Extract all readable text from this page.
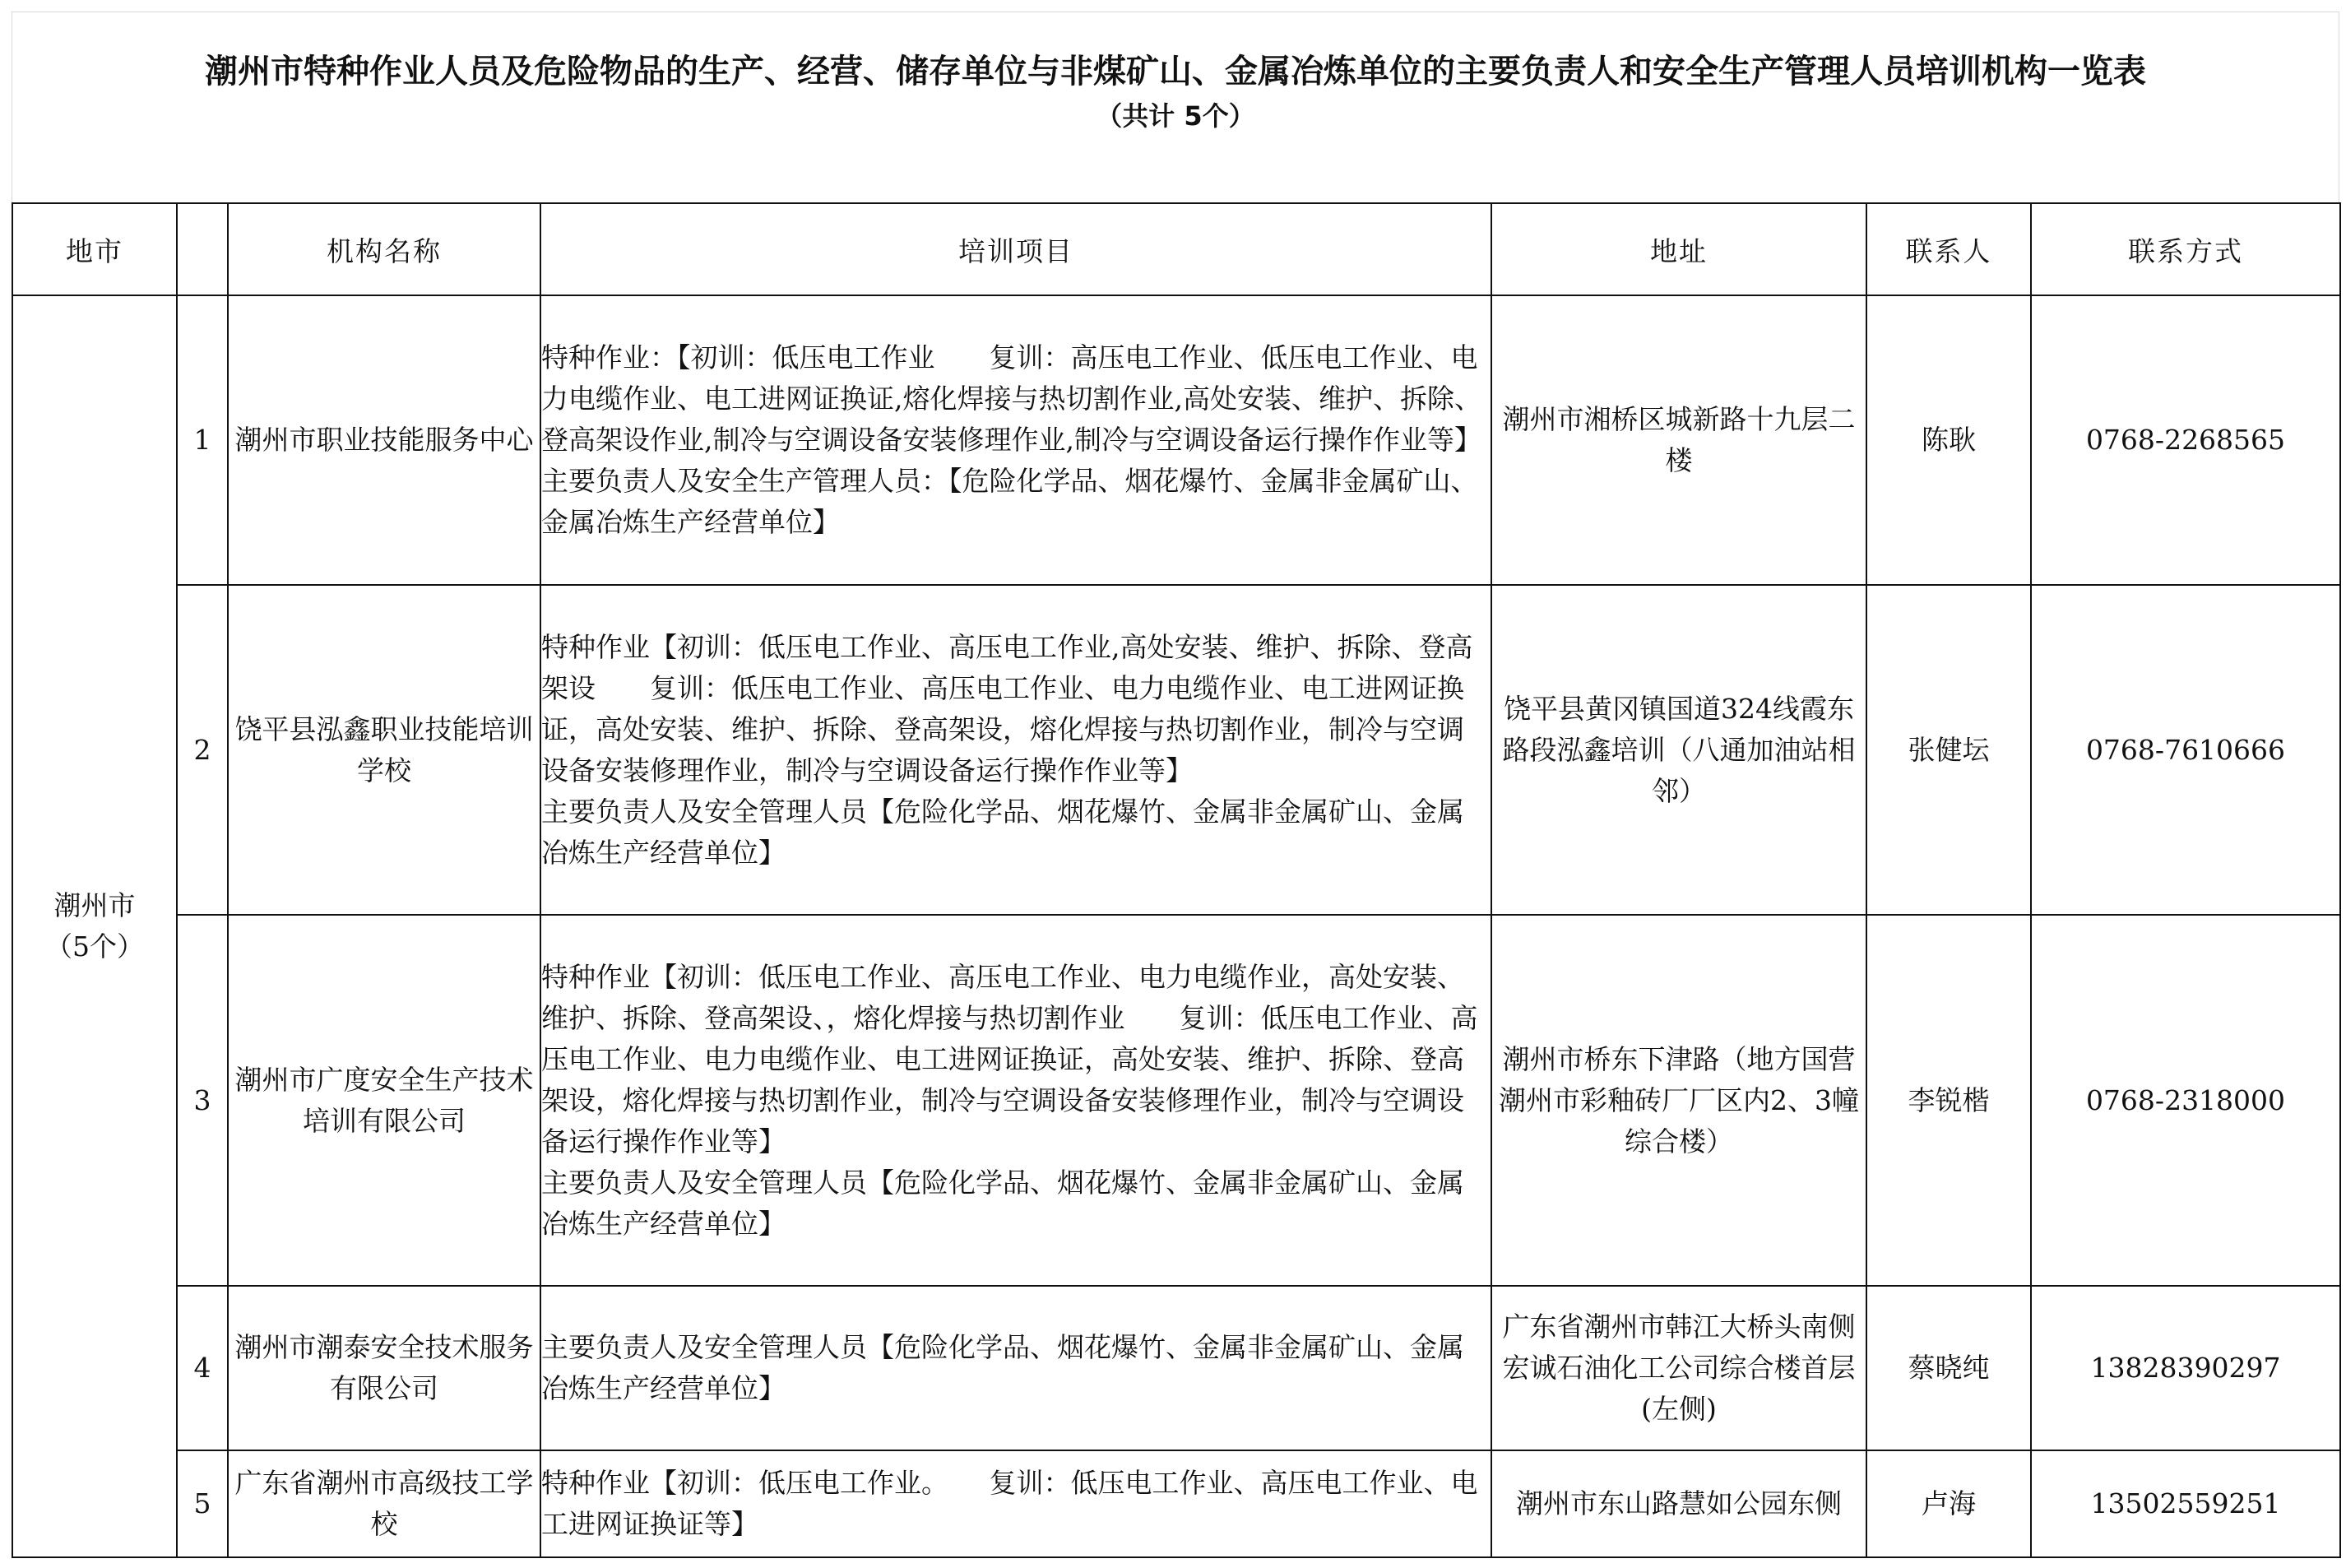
潮州市特种作业人员及危险物品的生产、经营、储存单位与非煤矿山、金属冶炼单位的主要负责人和安全生产管理人员培训机构一览表
（共计 5个）
地市		机构名称	培训项目	地址	联系人	联系方式

潮州市
（5个）	1	潮州市职业技能服务中心	特种作业：【初训：低压电工作业　　复训：高压电工作业、低压电工作业、电力电缆作业、电工进网证换证,熔化焊接与热切割作业,高处安装、维护、拆除、登高架设作业,制冷与空调设备安装修理作业,制冷与空调设备运行操作作业等】
主要负责人及安全生产管理人员：【危险化学品、烟花爆竹、金属非金属矿山、金属冶炼生产经营单位】	潮州市湘桥区城新路十九层二楼	陈耿	0768-2268565
	2	饶平县泓鑫职业技能培训学校	特种作业【初训：低压电工作业、高压电工作业,高处安装、维护、拆除、登高架设　　复训：低压电工作业、高压电工作业、电力电缆作业、电工进网证换证，高处安装、维护、拆除、登高架设，熔化焊接与热切割作业，制冷与空调设备安装修理作业，制冷与空调设备运行操作作业等】
主要负责人及安全管理人员【危险化学品、烟花爆竹、金属非金属矿山、金属冶炼生产经营单位】	饶平县黄冈镇国道324线霞东路段泓鑫培训（八通加油站相邻）	张健坛	0768-7610666
	3	潮州市广度安全生产技术培训有限公司	特种作业【初训：低压电工作业、高压电工作业、电力电缆作业，高处安装、维护、拆除、登高架设、，熔化焊接与热切割作业　　复训：低压电工作业、高压电工作业、电力电缆作业、电工进网证换证，高处安装、维护、拆除、登高架设，熔化焊接与热切割作业，制冷与空调设备安装修理作业，制冷与空调设备运行操作作业等】
主要负责人及安全管理人员【危险化学品、烟花爆竹、金属非金属矿山、金属冶炼生产经营单位】	潮州市桥东下津路（地方国营潮州市彩釉砖厂厂区内2、3幢综合楼）	李锐楷	0768-2318000
	4	潮州市潮泰安全技术服务有限公司	主要负责人及安全管理人员【危险化学品、烟花爆竹、金属非金属矿山、金属冶炼生产经营单位】	广东省潮州市韩江大桥头南侧宏诚石油化工公司综合楼首层(左侧)	蔡晓纯	13828390297
	5	广东省潮州市高级技工学校	特种作业【初训：低压电工作业。　　复训：低压电工作业、高压电工作业、电工进网证换证等】	潮州市东山路慧如公园东侧	卢海	13502559251
